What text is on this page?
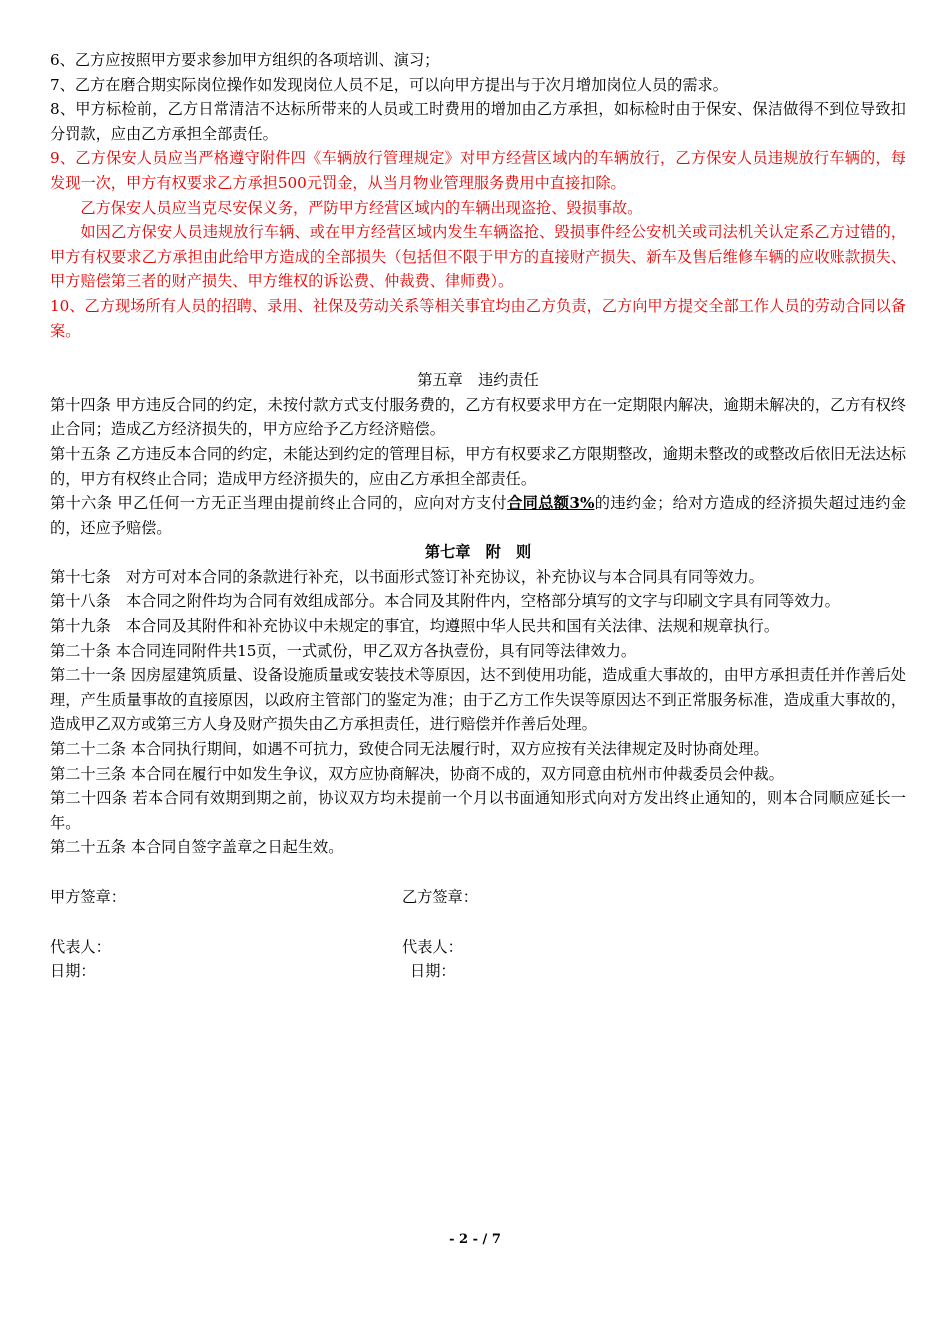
6、乙方应按照甲方要求参加甲方组织的各项培训、演习；

7、乙方在磨合期实际岗位操作如发现岗位人员不足，可以向甲方提出与于次月增加岗位人员的需求。

8、甲方标检前，乙方日常清洁不达标所带来的人员或工时费用的增加由乙方承担，如标检时由于保安、保洁做得不到位导致扣分罚款，应由乙方承担全部责任。

9、乙方保安人员应当严格遵守附件四《车辆放行管理规定》对甲方经营区域内的车辆放行，乙方保安人员违规放行车辆的，每发现一次，甲方有权要求乙方承担500元罚金，从当月物业管理服务费用中直接扣除。

乙方保安人员应当克尽安保义务，严防甲方经营区域内的车辆出现盗抢、毁损事故。

如因乙方保安人员违规放行车辆、或在甲方经营区域内发生车辆盗抢、毁损事件经公安机关或司法机关认定系乙方过错的，甲方有权要求乙方承担由此给甲方造成的全部损失（包括但不限于甲方的直接财产损失、新车及售后维修车辆的应收账款损失、甲方赔偿第三者的财产损失、甲方维权的诉讼费、仲裁费、律师费）。

10、乙方现场所有人员的招聘、录用、社保及劳动关系等相关事宜均由乙方负责，乙方向甲方提交全部工作人员的劳动合同以备案。

第五章　违约责任

第十四条 甲方违反合同的约定，未按付款方式支付服务费的，乙方有权要求甲方在一定期限内解决，逾期未解决的，乙方有权终止合同；造成乙方经济损失的，甲方应给予乙方经济赔偿。

第十五条 乙方违反本合同的约定，未能达到约定的管理目标，甲方有权要求乙方限期整改，逾期未整改的或整改后依旧无法达标的，甲方有权终止合同；造成甲方经济损失的，应由乙方承担全部责任。

第十六条 甲乙任何一方无正当理由提前终止合同的，应向对方支付合同总额3%的违约金；给对方造成的经济损失超过违约金的，还应予赔偿。

第七章　附　则

第十七条　对方可对本合同的条款进行补充，以书面形式签订补充协议，补充协议与本合同具有同等效力。

第十八条　本合同之附件均为合同有效组成部分。本合同及其附件内，空格部分填写的文字与印刷文字具有同等效力。

第十九条　本合同及其附件和补充协议中未规定的事宜，均遵照中华人民共和国有关法律、法规和规章执行。

第二十条 本合同连同附件共15页，一式贰份，甲乙双方各执壹份，具有同等法律效力。

第二十一条 因房屋建筑质量、设备设施质量或安装技术等原因，达不到使用功能，造成重大事故的，由甲方承担责任并作善后处理，产生质量事故的直接原因，以政府主管部门的鉴定为准；由于乙方工作失误等原因达不到正常服务标准，造成重大事故的，造成甲乙双方或第三方人身及财产损失由乙方承担责任，进行赔偿并作善后处理。

第二十二条 本合同执行期间，如遇不可抗力，致使合同无法履行时，双方应按有关法律规定及时协商处理。

第二十三条 本合同在履行中如发生争议，双方应协商解决，协商不成的，双方同意由杭州市仲裁委员会仲裁。

第二十四条 若本合同有效期到期之前，协议双方均未提前一个月以书面通知形式向对方发出终止通知的，则本合同顺应延长一年。

第二十五条 本合同自签字盖章之日起生效。

甲方签章：	乙方签章：
代表人：	代表人：
日期：	日期：
- 2 - / 7
